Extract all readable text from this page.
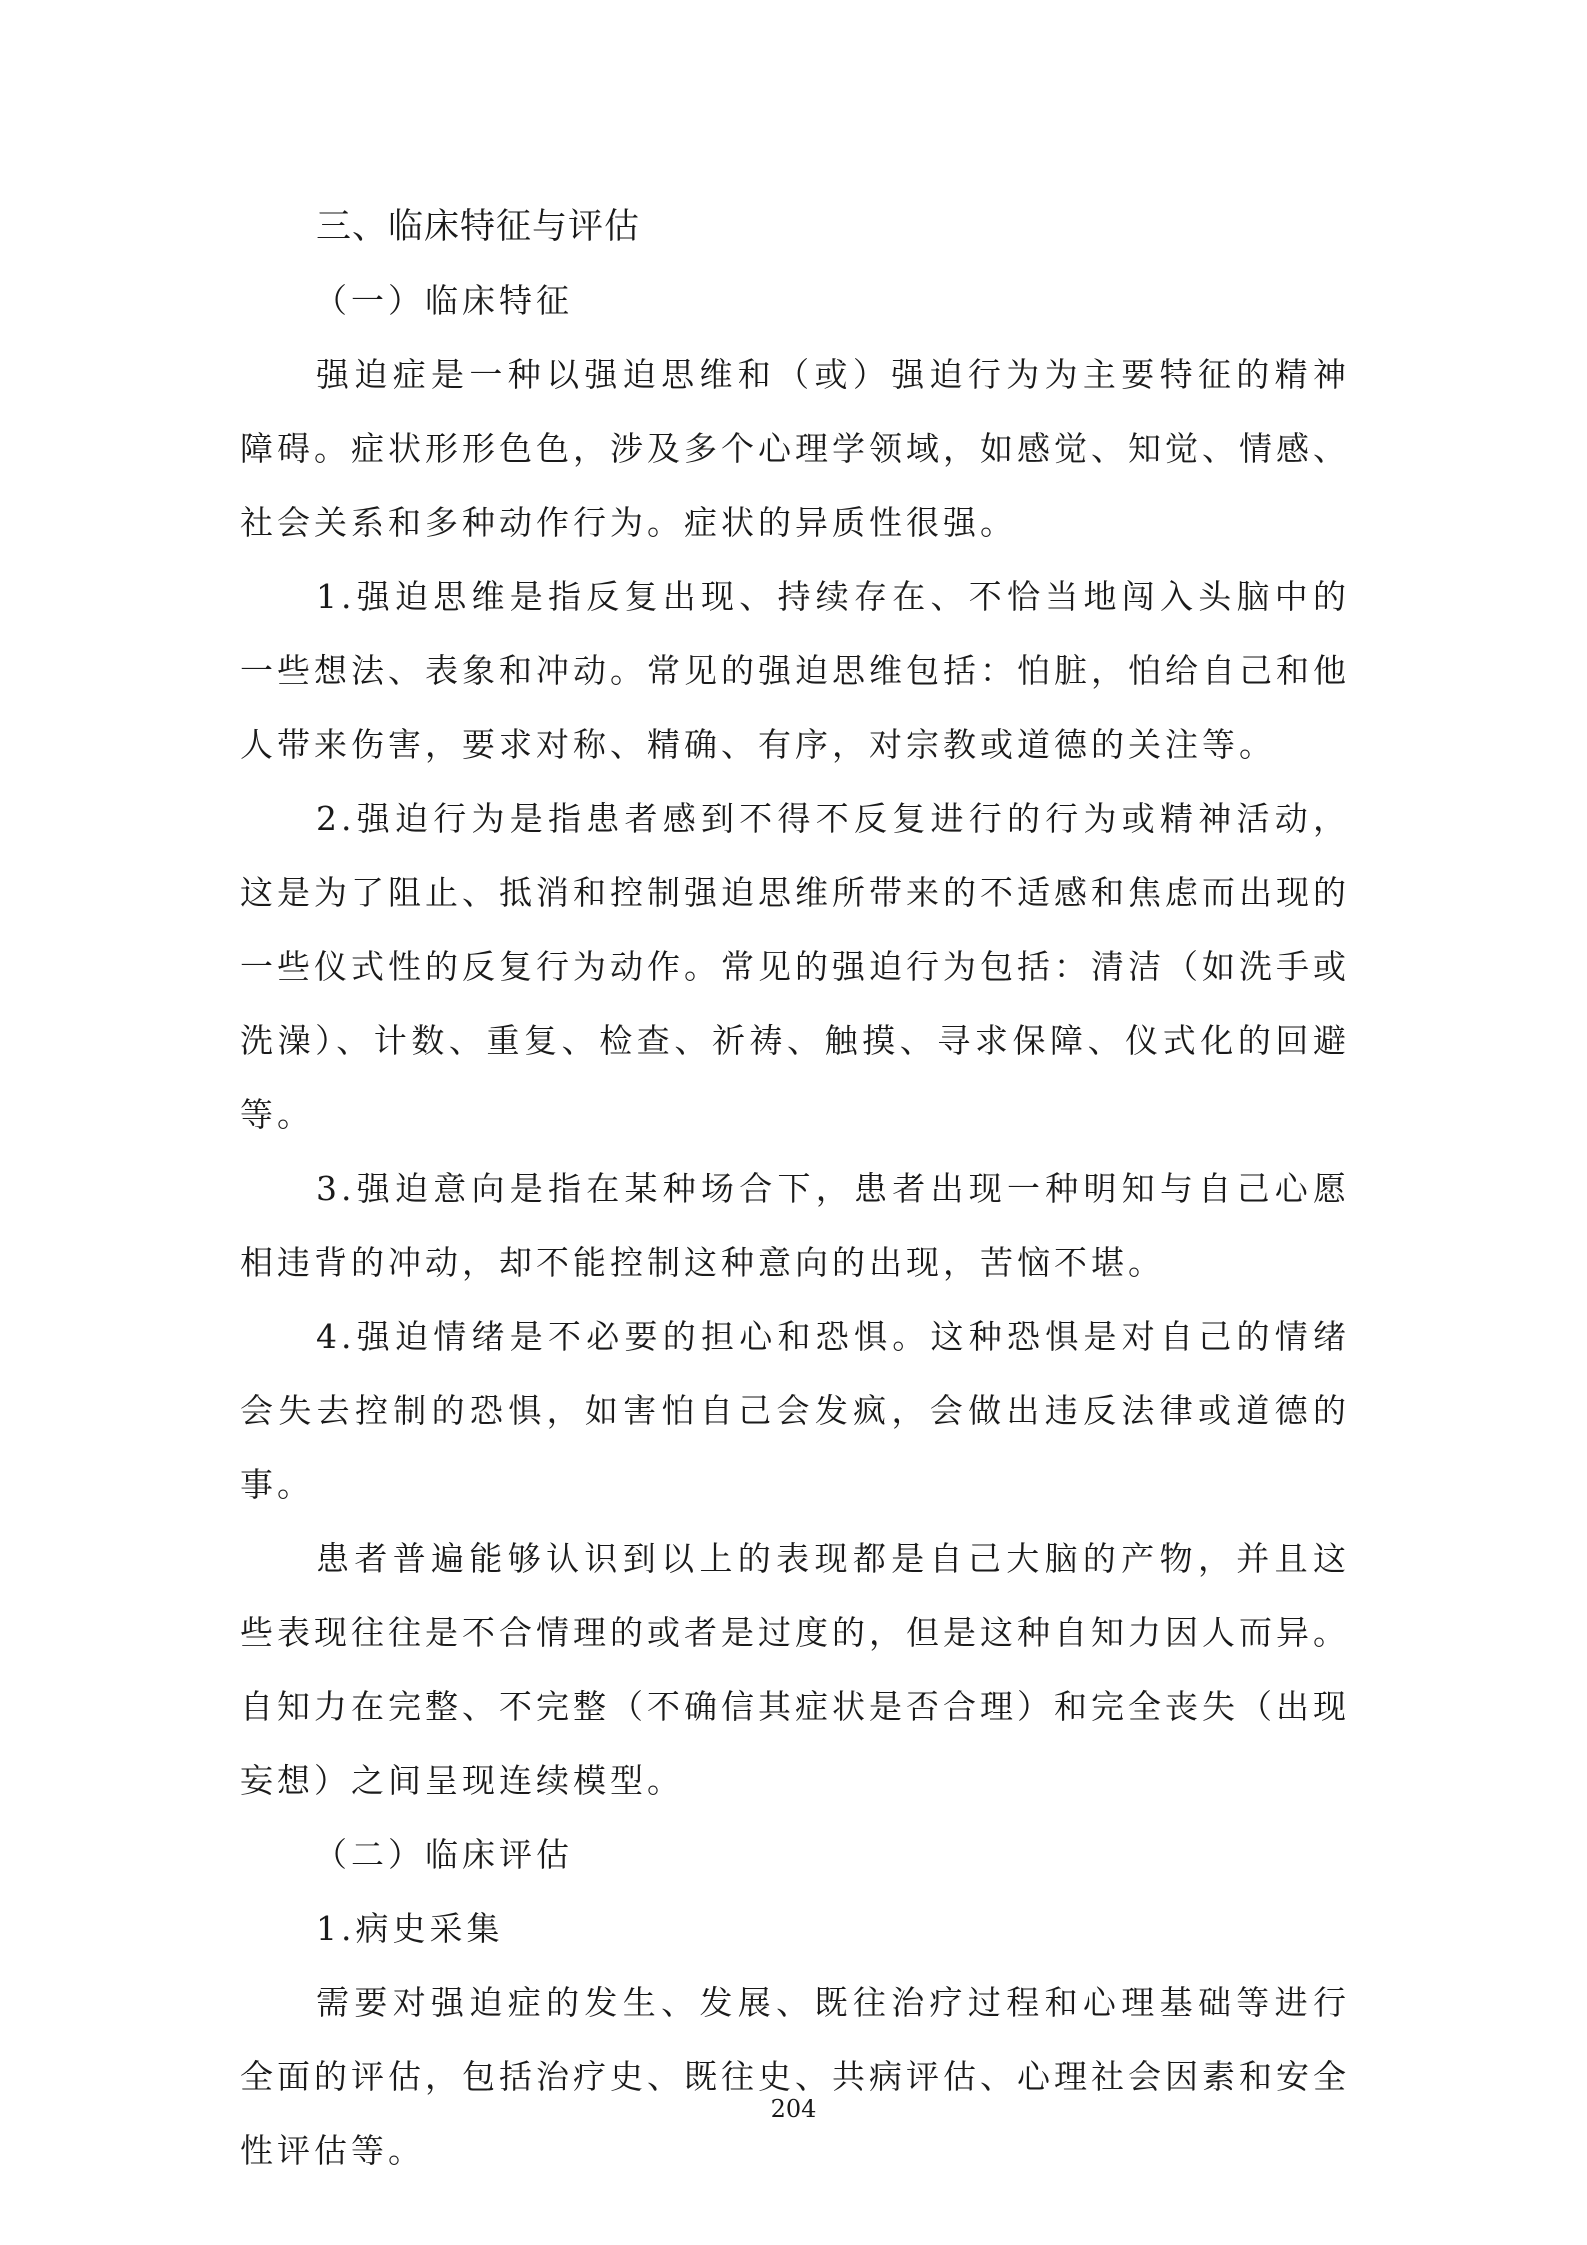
三、临床特征与评估
（一）临床特征

强迫症是一种以强迫思维和（或）强迫行为为主要特征的精神障碍。症状形形色色，涉及多个心理学领域，如感觉、知觉、情感、社会关系和多种动作行为。症状的异质性很强。

1.强迫思维是指反复出现、持续存在、不恰当地闯入头脑中的一些想法、表象和冲动。常见的强迫思维包括：怕脏，怕给自己和他人带来伤害，要求对称、精确、有序，对宗教或道德的关注等。

2.强迫行为是指患者感到不得不反复进行的行为或精神活动，这是为了阻止、抵消和控制强迫思维所带来的不适感和焦虑而出现的一些仪式性的反复行为动作。常见的强迫行为包括：清洁（如洗手或洗澡）、计数、重复、检查、祈祷、触摸、寻求保障、仪式化的回避等。

3.强迫意向是指在某种场合下，患者出现一种明知与自己心愿相违背的冲动，却不能控制这种意向的出现，苦恼不堪。

4.强迫情绪是不必要的担心和恐惧。这种恐惧是对自己的情绪会失去控制的恐惧，如害怕自己会发疯，会做出违反法律或道德的事。

患者普遍能够认识到以上的表现都是自己大脑的产物，并且这些表现往往是不合情理的或者是过度的，但是这种自知力因人而异。自知力在完整、不完整（不确信其症状是否合理）和完全丧失（出现妄想）之间呈现连续模型。

（二）临床评估

1.病史采集

需要对强迫症的发生、发展、既往治疗过程和心理基础等进行全面的评估，包括治疗史、既往史、共病评估、心理社会因素和安全性评估等。

204
